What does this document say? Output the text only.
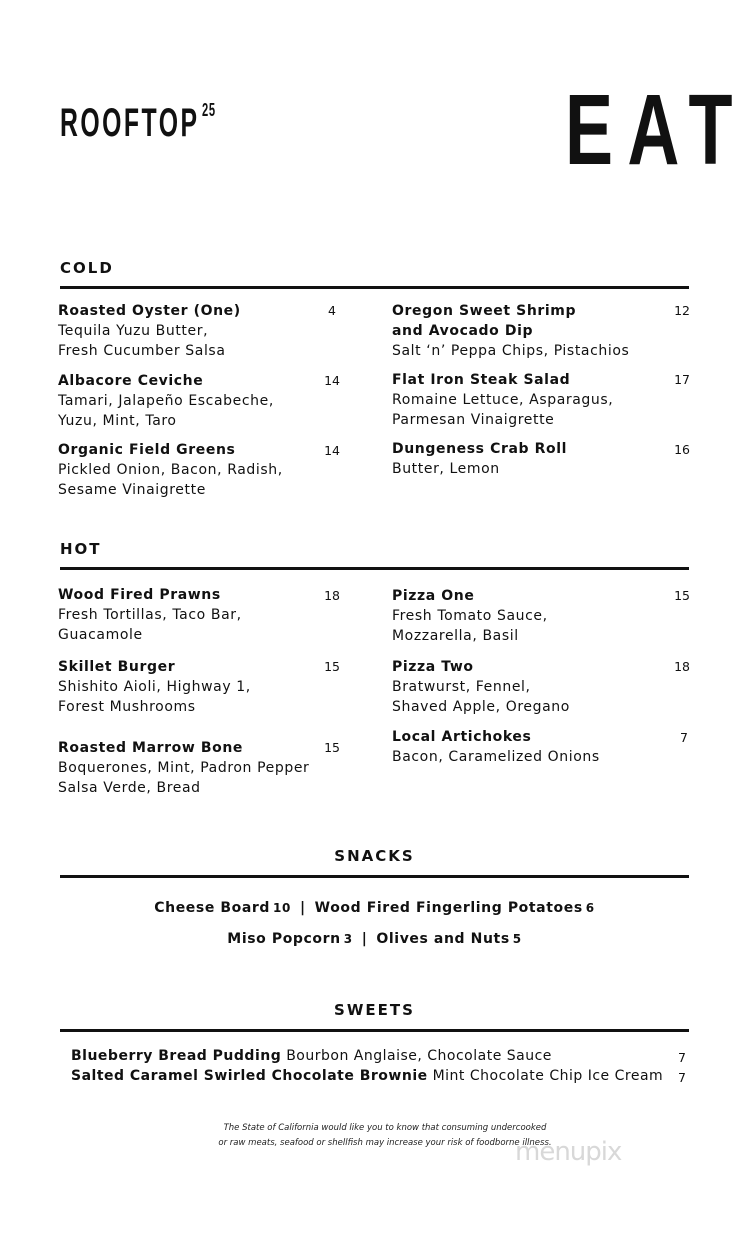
ROOFTOP $^{25}$	EAT
COLD
Roasted Oyster (One)
Tequila Yuzu Butter,
Fresh Cucumber Salsa
4
Albacore Ceviche
Tamari, Jalapeño Escabeche,
Yuzu, Mint, Taro
14
Organic Field Greens
Pickled Onion, Bacon, Radish,
Sesame Vinaigrette
14
Oregon Sweet Shrimp
and Avocado Dip
Salt ‘n’ Peppa Chips, Pistachios
12
Flat Iron Steak Salad
Romaine Lettuce, Asparagus,
Parmesan Vinaigrette
17
Dungeness Crab Roll
Butter, Lemon
16
HOT
Wood Fired Prawns
Fresh Tortillas, Taco Bar,
Guacamole
18
Skillet Burger
Shishito Aioli, Highway 1,
Forest Mushrooms
15
Roasted Marrow Bone
Boquerones, Mint, Padron Pepper
Salsa Verde, Bread
15
Pizza One
Fresh Tomato Sauce,
Mozzarella, Basil
15
Pizza Two
Bratwurst, Fennel,
Shaved Apple, Oregano
18
Local Artichokes
Bacon, Caramelized Onions
7
SNACKS
Cheese Board 10 | Wood Fired Fingerling Potatoes 6
Miso Popcorn 3 | Olives and Nuts 5
SWEETS
Blueberry Bread Pudding Bourbon Anglaise, Chocolate Sauce	7
Salted Caramel Swirled Chocolate Brownie Mint Chocolate Chip Ice Cream	7
The State of California would like you to know that consuming undercooked
or raw meats, seafood or shellfish may increase your risk of foodborne illness.
menupix
